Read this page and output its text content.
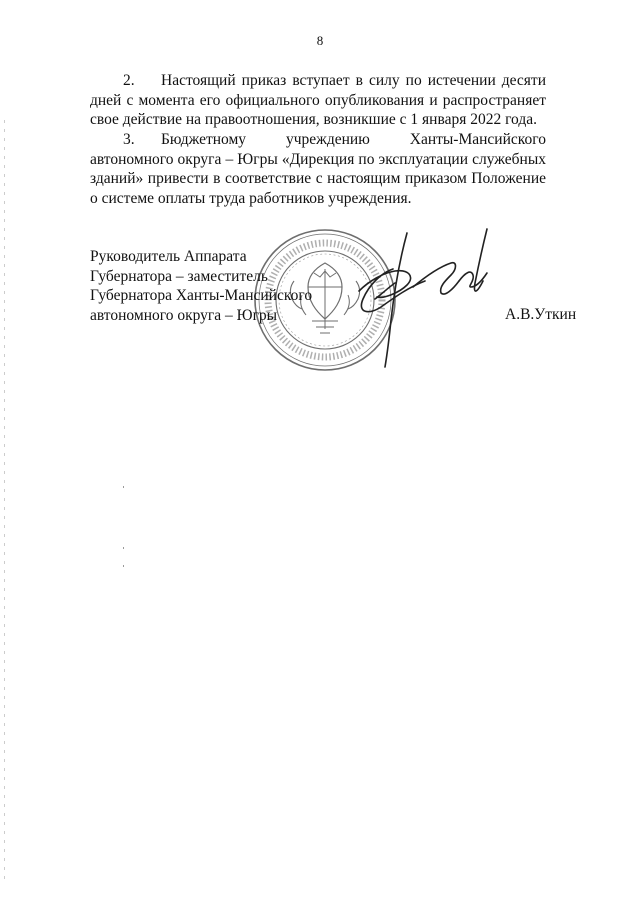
8

2. Настоящий приказ вступает в силу по истечении десяти дней с момента его официального опубликования и распространяет свое действие на правоотношения, возникшие с 1 января 2022 года.

3. Бюджетному учреждению Ханты-Мансийского автономного округа – Югры «Дирекция по эксплуатации служебных зданий» привести в соответствие с настоящим приказом Положение о системе оплаты труда работников учреждения.

Руководитель Аппарата
Губернатора – заместитель
Губернатора Ханты-Мансийского
автономного округа – Югры	А.В.Уткин
